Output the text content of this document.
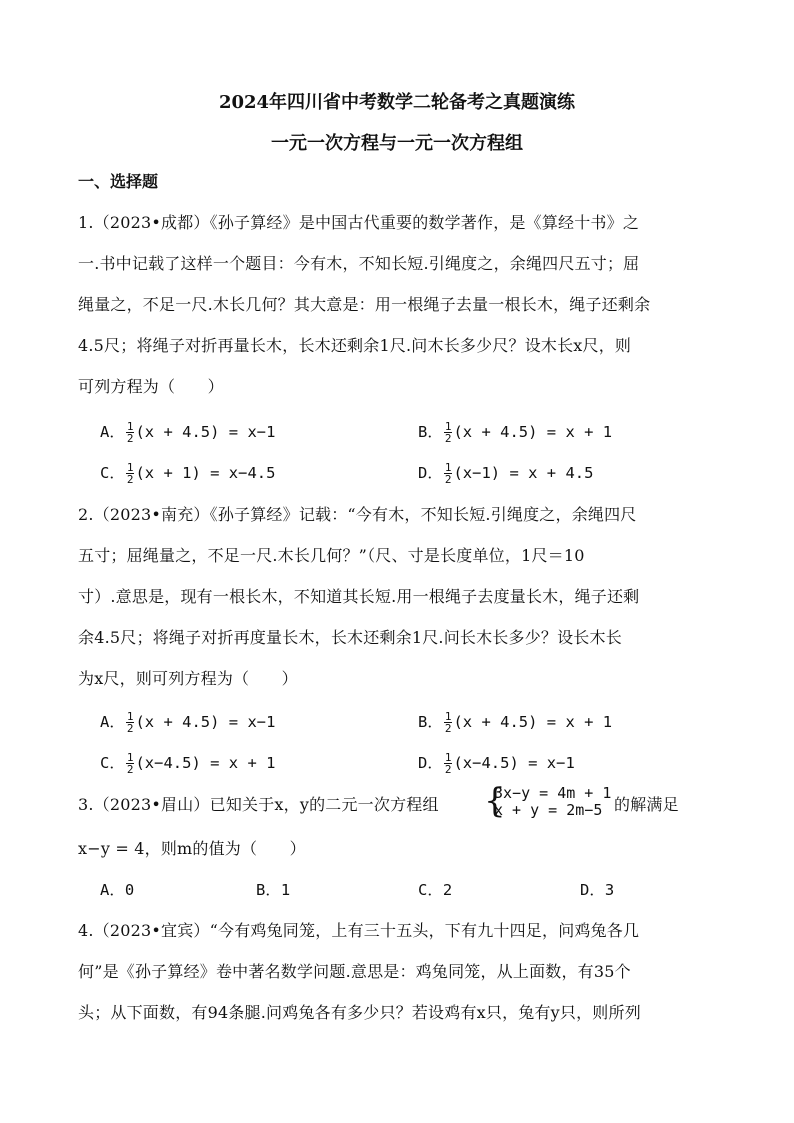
2024年四川省中考数学二轮备考之真题演练
一元一次方程与一元一次方程组
一、选择题
1.（2023•成都）《孙子算经》是中国古代重要的数学著作，是《算经十书》之
一.书中记载了这样一个题目：今有木，不知长短.引绳度之，余绳四尺五寸；屈
绳量之，不足一尺.木长几何？其大意是：用一根绳子去量一根长木，绳子还剩余
4.5尺；将绳子对折再量长木，长木还剩余1尺.问木长多少尺？设木长x尺，则
可列方程为（　　）
A． $\frac{1}{2} (x + 4.5) = x-1$	B． $\frac{1}{2} (x + 4.5) = x + 1$
C． $\frac{1}{2} (x + 1) = x-4.5$	D． $\frac{1}{2} (x-1) = x + 4.5$
2.（2023•南充）《孙子算经》记载：“今有木，不知长短.引绳度之，余绳四尺
五寸；屈绳量之，不足一尺.木长几何？”（尺、寸是长度单位，1尺＝10
寸）.意思是，现有一根长木，不知道其长短.用一根绳子去度量长木，绳子还剩
余4.5尺；将绳子对折再度量长木，长木还剩余1尺.问长木长多少？设长木长
为x尺，则可列方程为（　　）
A． $\frac{1}{2} (x + 4.5) = x-1$	B． $\frac{1}{2} (x + 4.5) = x + 1$
C． $\frac{1}{2} (x-4.5) = x + 1$	D． $\frac{1}{2} (x-4.5) = x-1$
3.（2023•眉山）已知关于x，y的二元一次方程组 {
3x−y = 4m + 1
x + y = 2m−5 的解满足
x−y = 4，则m的值为（　　）
A．0	B．1	C．2	D．3
4.（2023•宜宾）“今有鸡兔同笼，上有三十五头，下有九十四足，问鸡兔各几
何”是《孙子算经》卷中著名数学问题.意思是：鸡兔同笼，从上面数，有35个
头；从下面数，有94条腿.问鸡兔各有多少只？若设鸡有x只，兔有y只，则所列
